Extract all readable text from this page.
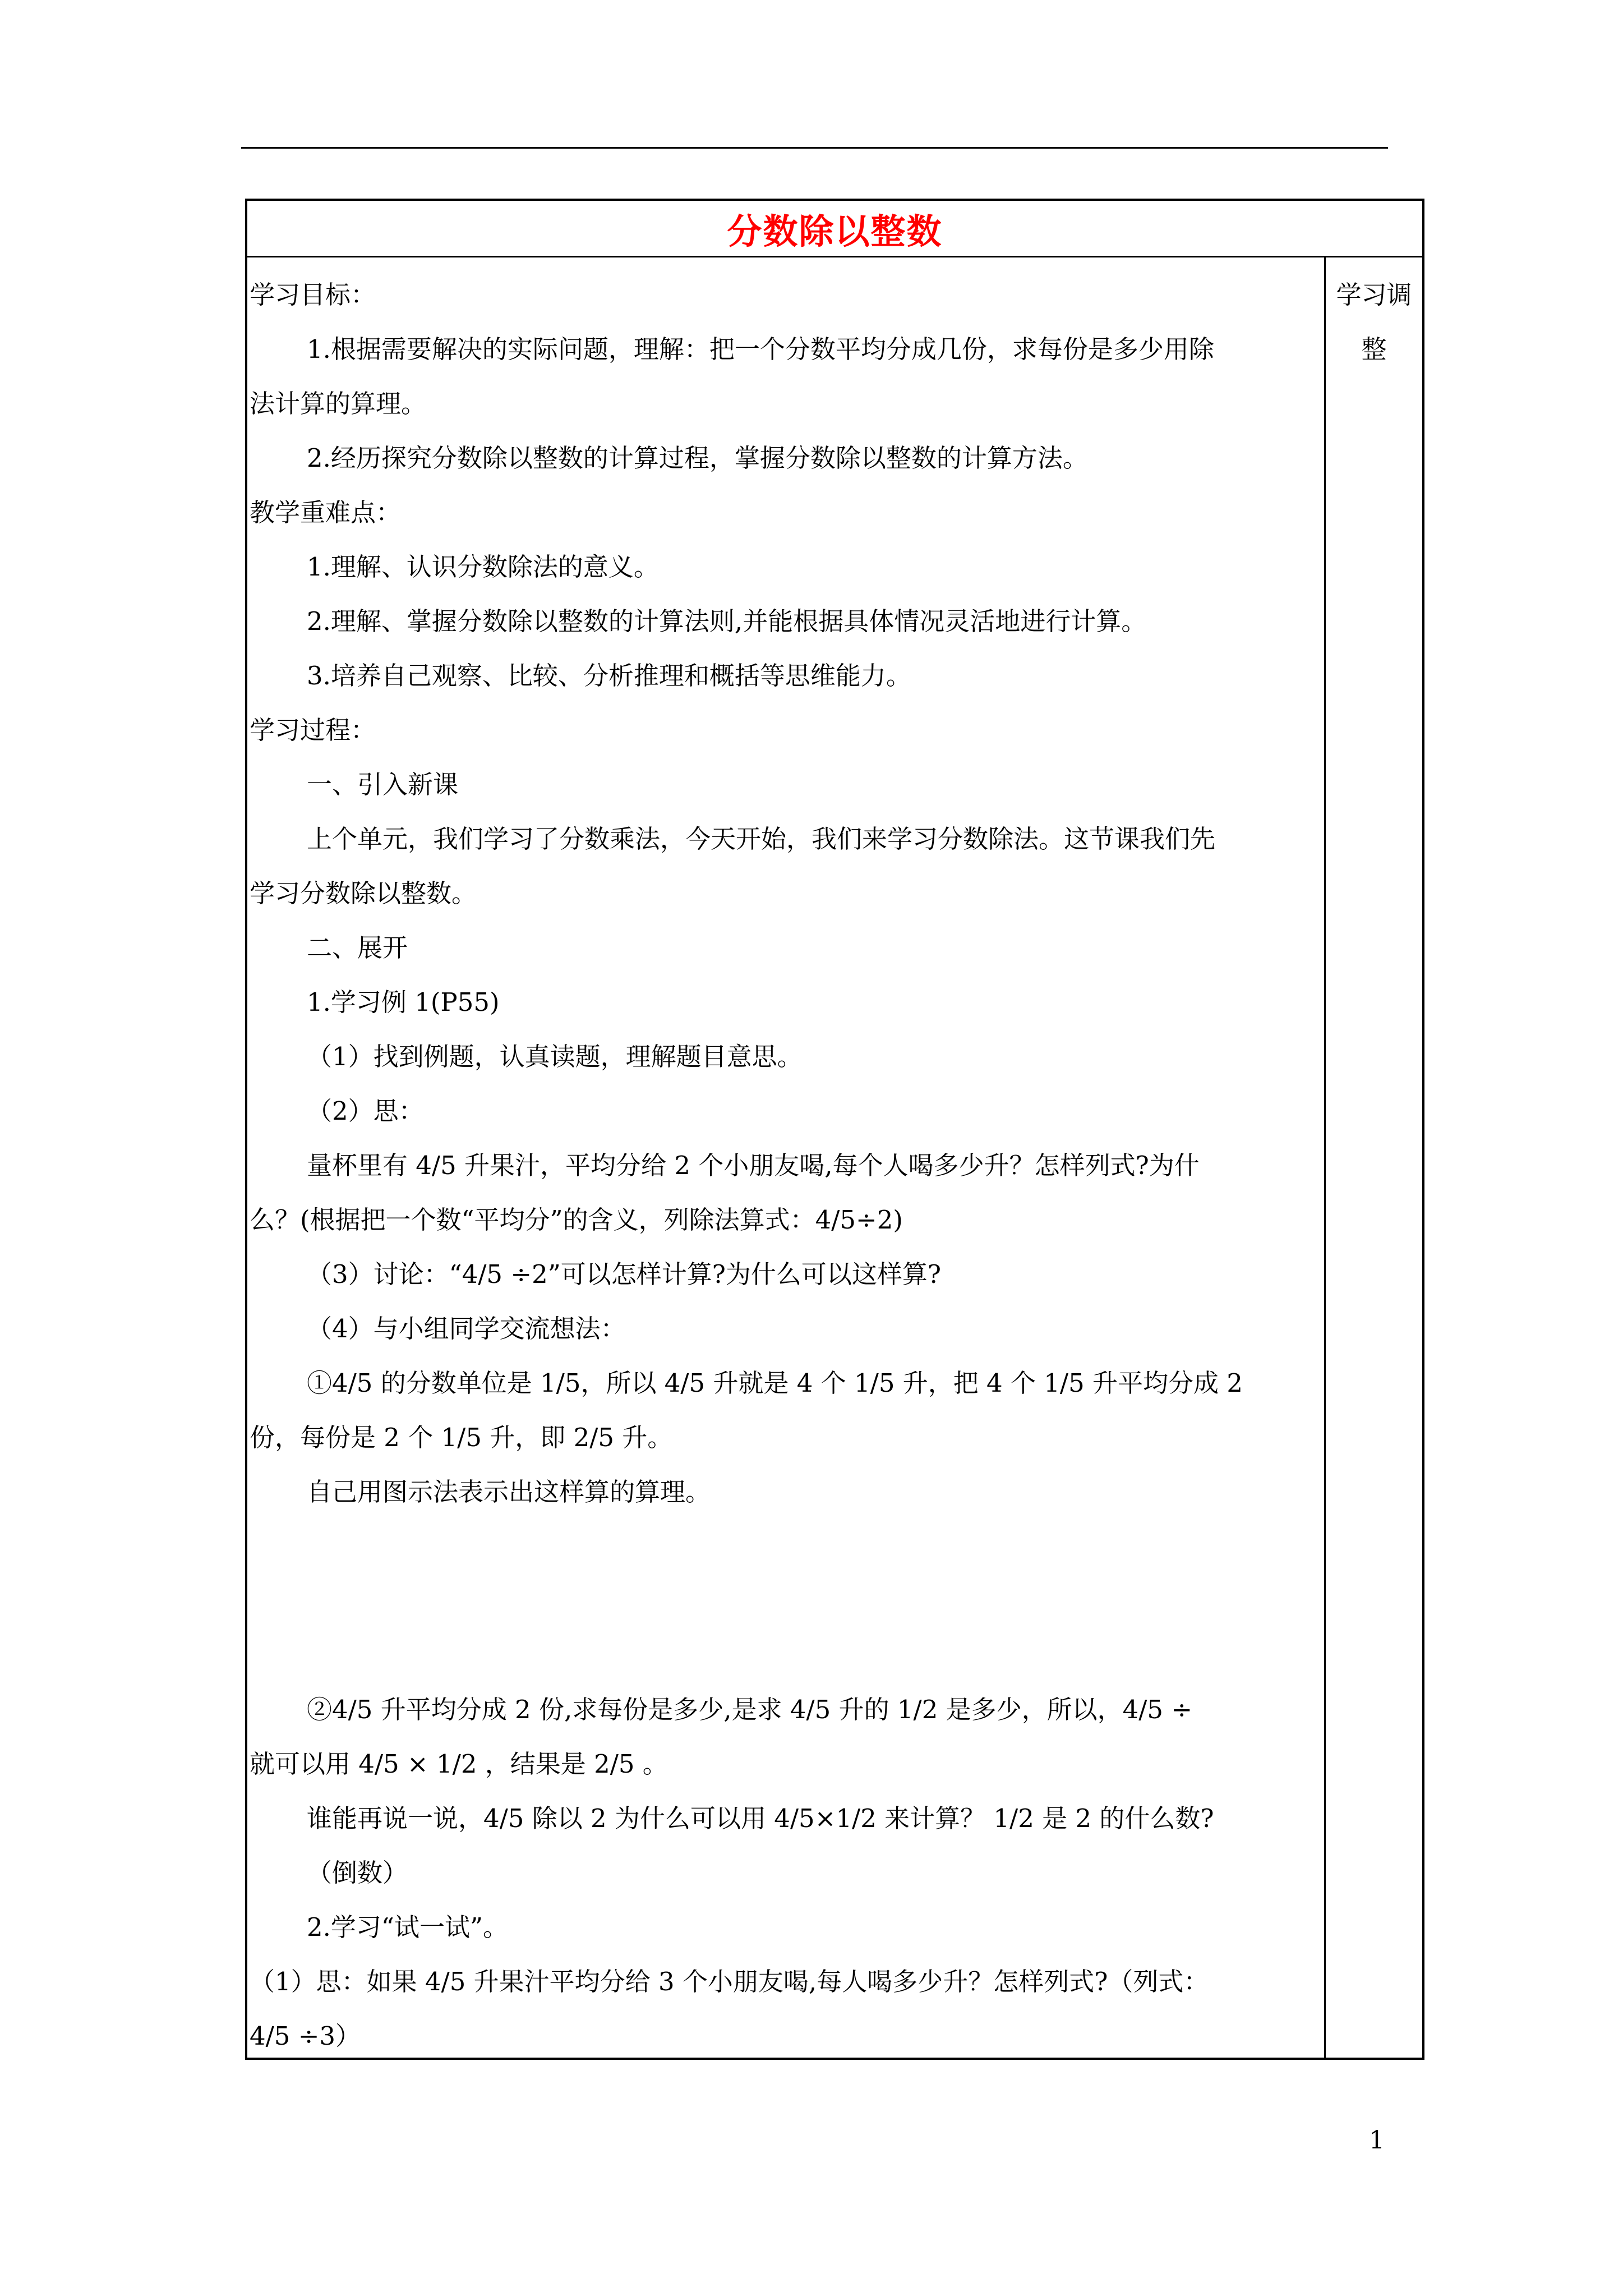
分数除以整数
学习目标：
1.根据需要解决的实际问题，理解：把一个分数平均分成几份，求每份是多少用除
法计算的算理。
2.经历探究分数除以整数的计算过程，掌握分数除以整数的计算方法。
教学重难点：
1.理解、认识分数除法的意义。
2.理解、掌握分数除以整数的计算法则,并能根据具体情况灵活地进行计算。
3.培养自己观察、比较、分析推理和概括等思维能力。
学习过程：
一、引入新课
上个单元，我们学习了分数乘法，今天开始，我们来学习分数除法。这节课我们先
学习分数除以整数。
二、展开
1.学习例 1(P55)
（1）找到例题，认真读题，理解题目意思。
（2）思：
量杯里有 4/5 升果汁，平均分给 2 个小朋友喝,每个人喝多少升？怎样列式?为什
么？(根据把一个数“平均分”的含义，列除法算式：4/5÷2)
（3）讨论：“4/5 ÷2”可以怎样计算?为什么可以这样算?
（4）与小组同学交流想法：
①4/5 的分数单位是 1/5，所以 4/5 升就是 4 个 1/5 升，把 4 个 1/5 升平均分成 2
份，每份是 2 个 1/5 升，即 2/5 升。
自己用图示法表示出这样算的算理。
②4/5 升平均分成 2 份,求每份是多少,是求 4/5 升的 1/2 是多少，所以，4/5 ÷
就可以用 4/5 × 1/2 ，结果是 2/5 。
谁能再说一说，4/5 除以 2 为什么可以用 4/5×1/2 来计算？ 1/2 是 2 的什么数?
（倒数）
2.学习“试一试”。
（1）思：如果 4/5 升果汁平均分给 3 个小朋友喝,每人喝多少升？怎样列式?（列式：
4/5 ÷3）
学习调
整
1
